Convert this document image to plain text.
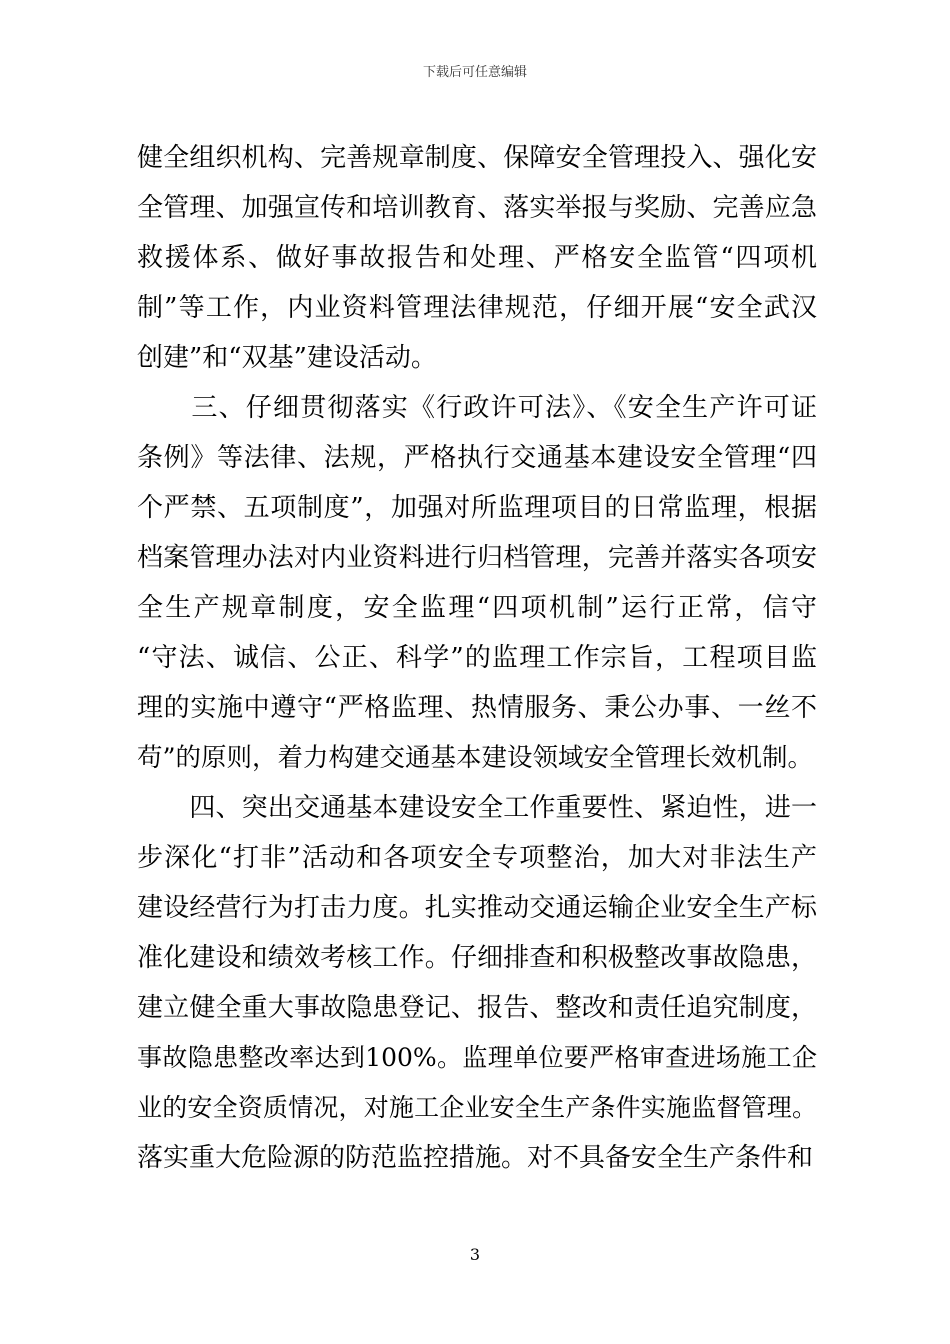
下载后可任意编辑
健全组织机构、完善规章制度、保障安全管理投入、强化安
全管理、加强宣传和培训教育、落实举报与奖励、完善应急
救援体系、做好事故报告和处理、严格安全监管“四项机
制”等工作，内业资料管理法律规范，仔细开展“安全武汉
创建”和“双基”建设活动。
　　三、仔细贯彻落实《行政许可法》、《安全生产许可证
条例》等法律、法规，严格执行交通基本建设安全管理“四
个严禁、五项制度”，加强对所监理项目的日常监理，根据
档案管理办法对内业资料进行归档管理，完善并落实各项安
全生产规章制度，安全监理“四项机制”运行正常，信守
“守法、诚信、公正、科学”的监理工作宗旨，工程项目监
理的实施中遵守“严格监理、热情服务、秉公办事、一丝不
苟”的原则，着力构建交通基本建设领域安全管理长效机制。
　　四、突出交通基本建设安全工作重要性、紧迫性，进一
步深化“打非”活动和各项安全专项整治，加大对非法生产
建设经营行为打击力度。扎实推动交通运输企业安全生产标
准化建设和绩效考核工作。仔细排查和积极整改事故隐患，
建立健全重大事故隐患登记、报告、整改和责任追究制度，
事故隐患整改率达到100%。监理单位要严格审查进场施工企
业的安全资质情况，对施工企业安全生产条件实施监督管理。
落实重大危险源的防范监控措施。对不具备安全生产条件和
3
